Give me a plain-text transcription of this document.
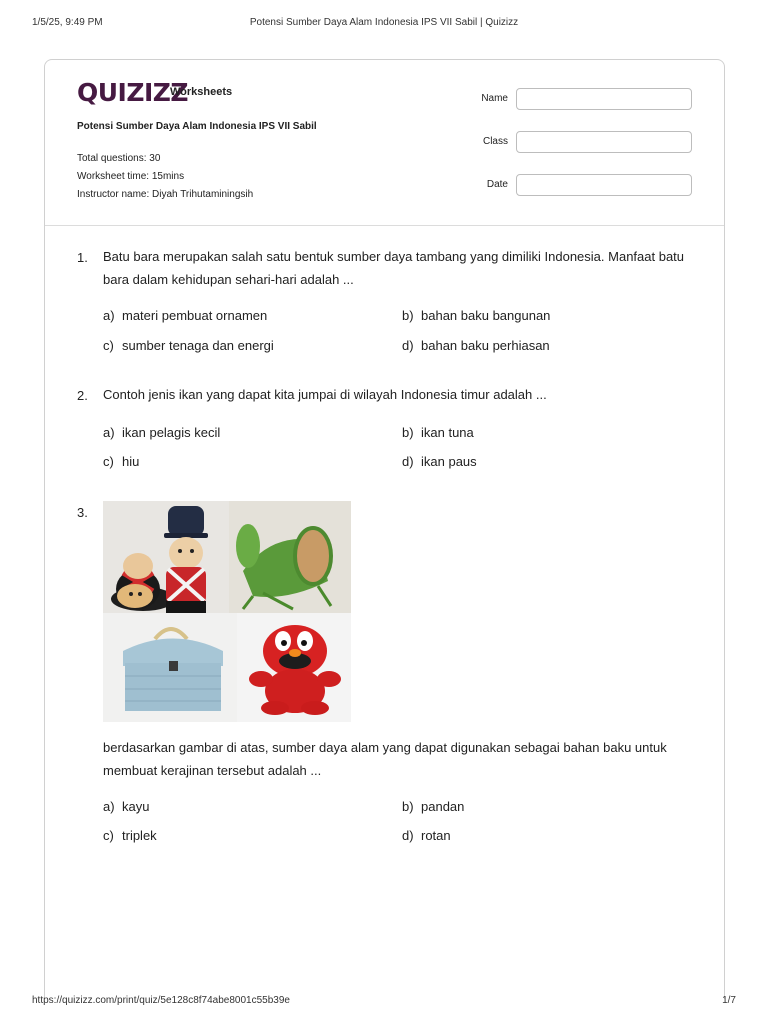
1/5/25, 9:49 PM	Potensi Sumber Daya Alam Indonesia IPS VII Sabil | Quizizz
QUIZIZZ
Worksheets
Potensi Sumber Daya Alam Indonesia IPS VII Sabil
Total questions: 30
Worksheet time: 15mins
Instructor name: Diyah Trihutaminingsih
Name
Class
Date
1. Batu bara merupakan salah satu bentuk sumber daya tambang yang dimiliki Indonesia. Manfaat batu bara dalam kehidupan sehari-hari adalah ...
a) materi pembuat ornamen	b) bahan baku bangunan
c) sumber tenaga dan energi	d) bahan baku perhiasan
2. Contoh jenis ikan yang dapat kita jumpai di wilayah Indonesia timur adalah ...
a) ikan pelagis kecil	b) ikan tuna
c) hiu	d) ikan paus
3.
berdasarkan gambar di atas, sumber daya alam yang dapat digunakan sebagai bahan baku untuk membuat kerajinan tersebut adalah ...
a) kayu	b) pandan
c) triplek	d) rotan
https://quizizz.com/print/quiz/5e128c8f74abe8001c55b39e	1/7
